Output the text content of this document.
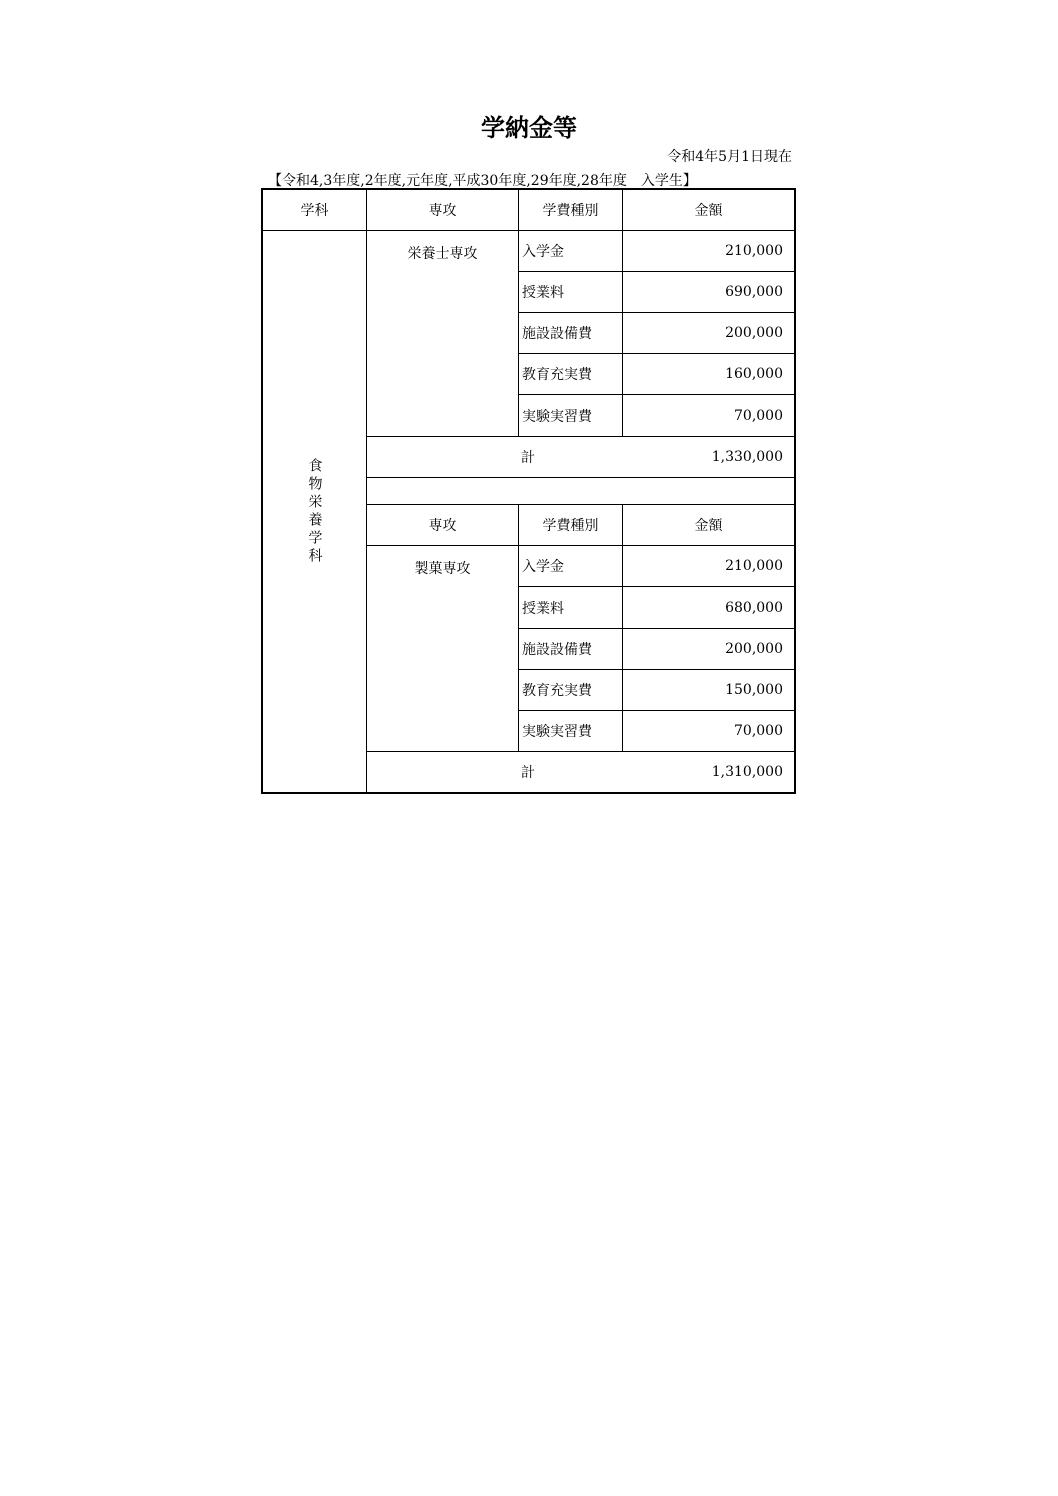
学納金等
令和4年5月1日現在
【令和4,3年度,2年度,元年度,平成30年度,29年度,28年度　入学生】
学科	専攻	学費種別	金額
食物栄養学科
栄養士専攻	入学金	210,000
授業料	690,000
施設設備費	200,000
教育充実費	160,000
実験実習費	70,000
計	1,330,000
専攻	学費種別	金額
製菓専攻	入学金	210,000
授業料	680,000
施設設備費	200,000
教育充実費	150,000
実験実習費	70,000
計	1,310,000
